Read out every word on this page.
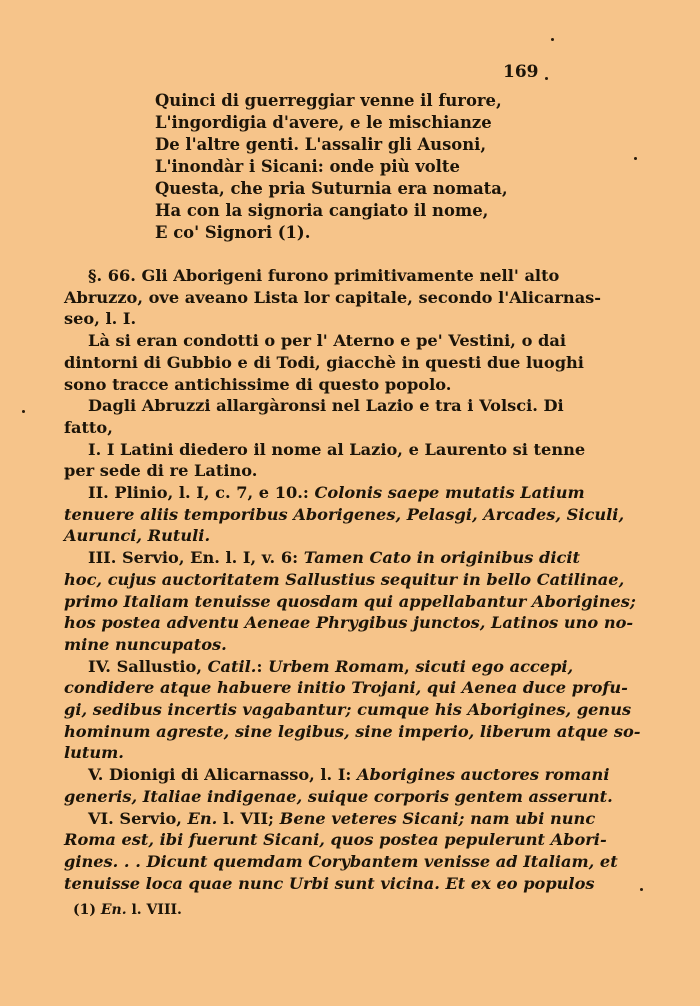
169
Quinci di guerreggiar venne il furore,
L'ingordigia d'avere, e le mischianze
De l'altre genti. L'assalir gli Ausoni,
L'inondàr i Sicani: onde più volte
Questa, che pria Suturnia era nomata,
Ha con la signoria cangiato il nome,
E co' Signori (1).
§. 66. Gli Aborigeni furono primitivamente nell' alto
Abruzzo, ove aveano Lista lor capitale, secondo l'Alicarnas-
seo, l. I.
Là si eran condotti o per l' Aterno e pe' Vestini, o dai
dintorni di Gubbio e di Todi, giacchè in questi due luoghi
sono tracce antichissime di questo popolo.
Dagli Abruzzi allargàronsi nel Lazio e tra i Volsci. Di
fatto,
I. I Latini diedero il nome al Lazio, e Laurento si tenne
per sede di re Latino.
II. Plinio, l. I, c. 7, e 10.: Colonis saepe mutatis Latium
tenuere aliis temporibus Aborigenes, Pelasgi, Arcades, Siculi,
Aurunci, Rutuli.
III. Servio, En. l. I, v. 6: Tamen Cato in originibus dicit
hoc, cujus auctoritatem Sallustius sequitur in bello Catilinae,
primo Italiam tenuisse quosdam qui appellabantur Aborigines;
hos postea adventu Aeneae Phrygibus junctos, Latinos uno no-
mine nuncupatos.
IV. Sallustio, Catil.: Urbem Romam, sicuti ego accepi,
condidere atque habuere initio Trojani, qui Aenea duce profu-
gi, sedibus incertis vagabantur; cumque his Aborigines, genus
hominum agreste, sine legibus, sine imperio, liberum atque so-
lutum.
V. Dionigi di Alicarnasso, l. I: Aborigines auctores romani
generis, Italiae indigenae, suique corporis gentem asserunt.
VI. Servio, En. l. VII; Bene veteres Sicani; nam ubi nunc
Roma est, ibi fuerunt Sicani, quos postea pepulerunt Abori-
gines. . . Dicunt quemdam Corybantem venisse ad Italiam, et
tenuisse loca quae nunc Urbi sunt vicina. Et ex eo populos
(1) En. l. VIII.
